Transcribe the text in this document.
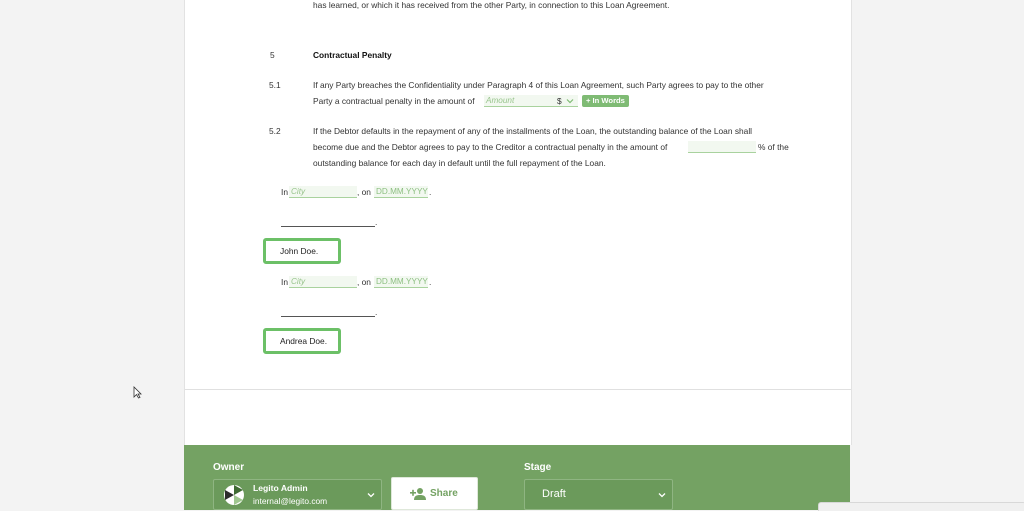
has learned, or which it has received from the other Party, in connection to this Loan Agreement.
5	Contractual Penalty
5.1	If any Party breaches the Confidentiality under Paragraph 4 of this Loan Agreement, such Party agrees to pay to the other
Party a contractual penalty in the amount of Amount	$	+ In Words
5.2	If the Debtor defaults in the repayment of any of the installments of the Loan, the outstanding balance of the Loan shall
become due and the Debtor agrees to pay to the Creditor a contractual penalty in the amount of	% of the
outstanding balance for each day in default until the full repayment of the Loan.
In City	, on DD.MM.YYYY .
.
John Doe.
In City	, on DD.MM.YYYY .
.
Andrea Doe.
Owner
Legito Admin
internal@legito.com
Share
Stage
Draft
